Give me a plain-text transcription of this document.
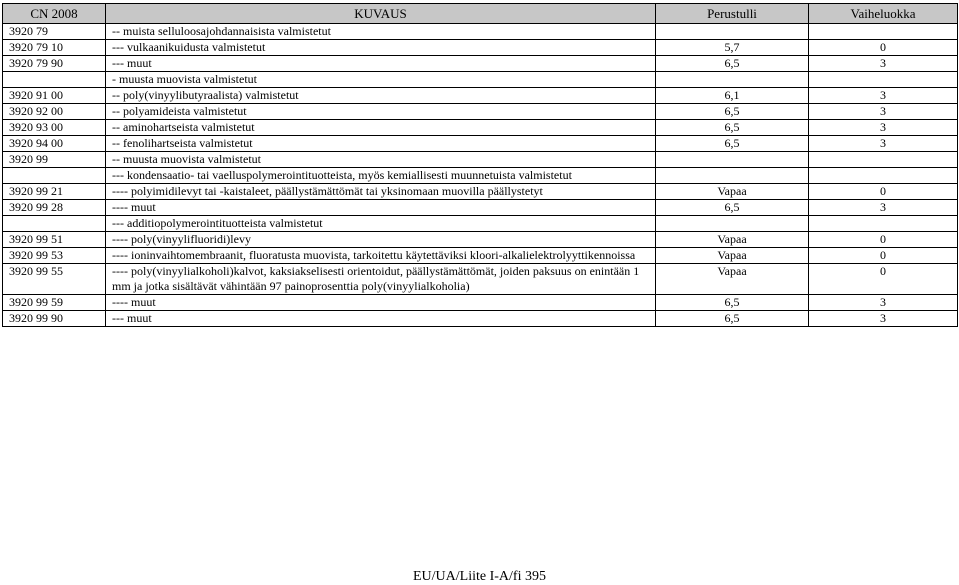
CN 2008	KUVAUS	Perustulli	Vaiheluokka
3920 79	-- muista selluloosajohdannaisista valmistetut		
3920 79 10	--- vulkaanikuidusta valmistetut	5,7	0
3920 79 90	--- muut	6,5	3
	- muusta muovista valmistetut		
3920 91 00	-- poly(vinyylibutyraalista) valmistetut	6,1	3
3920 92 00	-- polyamideista valmistetut	6,5	3
3920 93 00	-- aminohartseista valmistetut	6,5	3
3920 94 00	-- fenolihartseista valmistetut	6,5	3
3920 99	-- muusta muovista valmistetut		
	--- kondensaatio- tai vaelluspolymerointituotteista, myös kemiallisesti muunnetuista valmistetut		
3920 99 21	---- polyimidilevyt tai -kaistaleet, päällystämättömät tai yksinomaan muovilla päällystetyt	Vapaa	0
3920 99 28	---- muut	6,5	3
	--- additiopolymerointituotteista valmistetut		
3920 99 51	---- poly(vinyylifluoridi)levy	Vapaa	0
3920 99 53	---- ioninvaihtomembraanit, fluoratusta muovista, tarkoitettu käytettäviksi kloori-alkalielektrolyyttikennoissa	Vapaa	0
3920 99 55	---- poly(vinyylialkoholi)kalvot, kaksiakselisesti orientoidut, päällystämättömät, joiden paksuus on enintään 1 mm ja jotka sisältävät vähintään 97 painoprosenttia poly(vinyylialkoholia)	Vapaa	0
3920 99 59	---- muut	6,5	3
3920 99 90	--- muut	6,5	3
EU/UA/Liite I-A/fi 395
